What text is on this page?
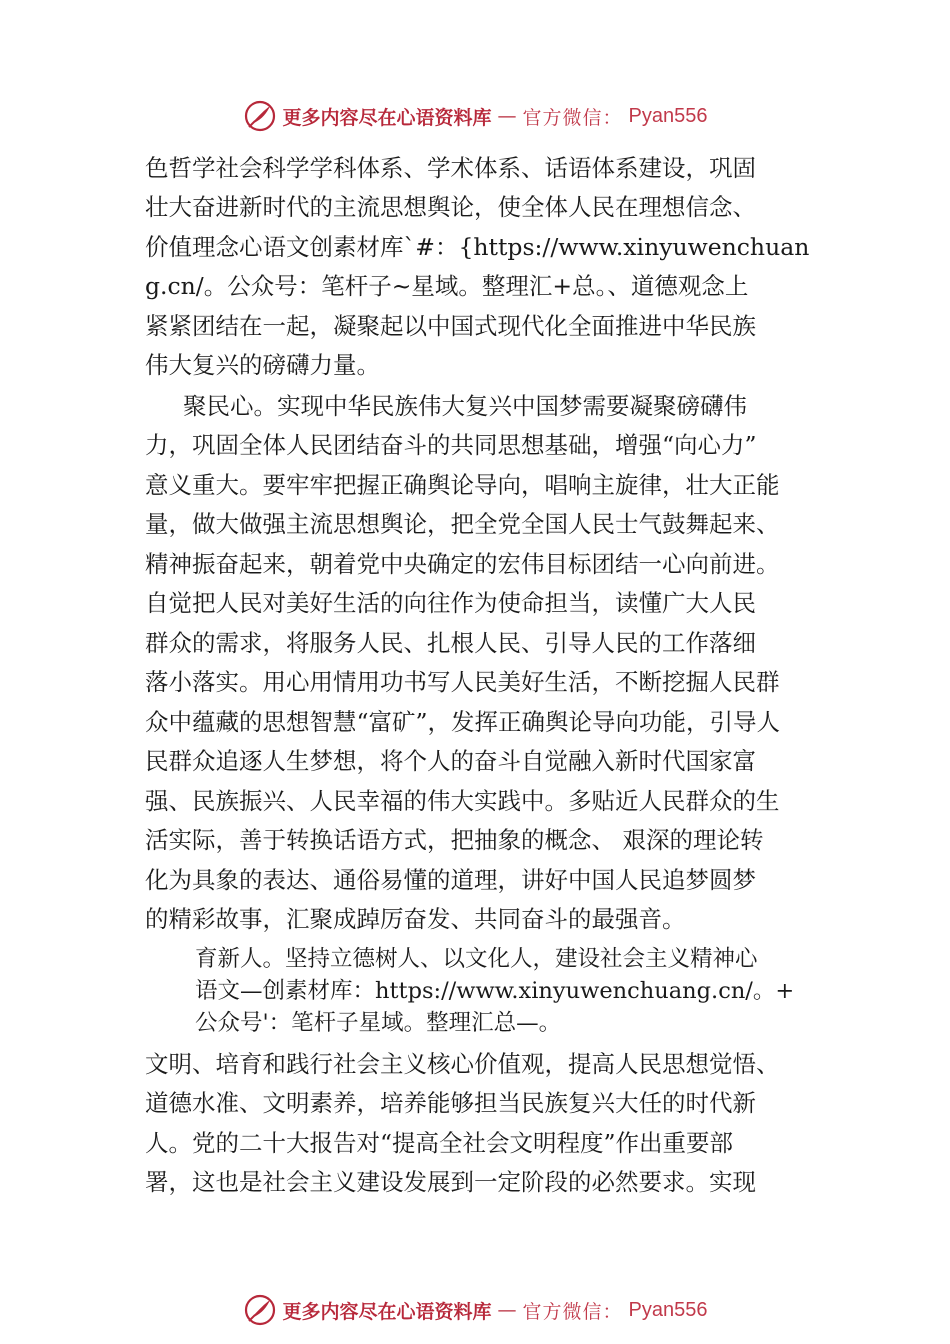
更多内容尽在心语资料库 — 官方微信： Pyan556

色哲学社会科学学科体系、学术体系、话语体系建设，巩固

壮大奋进新时代的主流思想舆论，使全体人民在理想信念、

价值理念心语文创素材库`#：{https://www.xinyuwenchuan

g.cn/。公众号：笔杆子~星域。整理汇+总。、道德观念上

紧紧团结在一起，凝聚起以中国式现代化全面推进中华民族

伟大复兴的磅礴力量。

聚民心。实现中华民族伟大复兴中国梦需要凝聚磅礴伟

力，巩固全体人民团结奋斗的共同思想基础，增强“向心力”

意义重大。要牢牢把握正确舆论导向，唱响主旋律，壮大正能

量，做大做强主流思想舆论，把全党全国人民士气鼓舞起来、

精神振奋起来，朝着党中央确定的宏伟目标团结一心向前进。

自觉把人民对美好生活的向往作为使命担当，读懂广大人民

群众的需求，将服务人民、扎根人民、引导人民的工作落细

落小落实。用心用情用功书写人民美好生活，不断挖掘人民群

众中蕴藏的思想智慧“富矿”，发挥正确舆论导向功能，引导人

民群众追逐人生梦想，将个人的奋斗自觉融入新时代国家富

强、民族振兴、人民幸福的伟大实践中。多贴近人民群众的生

活实际，善于转换话语方式，把抽象的概念、 艰深的理论转

化为具象的表达、通俗易懂的道理，讲好中国人民追梦圆梦

的精彩故事，汇聚成踔厉奋发、共同奋斗的最强音。

育新人。坚持立德树人、以文化人，建设社会主义精神心

语文—创素材库：https://www.xinyuwenchuang.cn/。+

公众号'：笔杆子星域。整理汇总—。

文明、培育和践行社会主义核心价值观，提高人民思想觉悟、

道德水准、文明素养，培养能够担当民族复兴大任的时代新

人。党的二十大报告对“提高全社会文明程度”作出重要部

署，这也是社会主义建设发展到一定阶段的必然要求。实现

更多内容尽在心语资料库 — 官方微信： Pyan556
